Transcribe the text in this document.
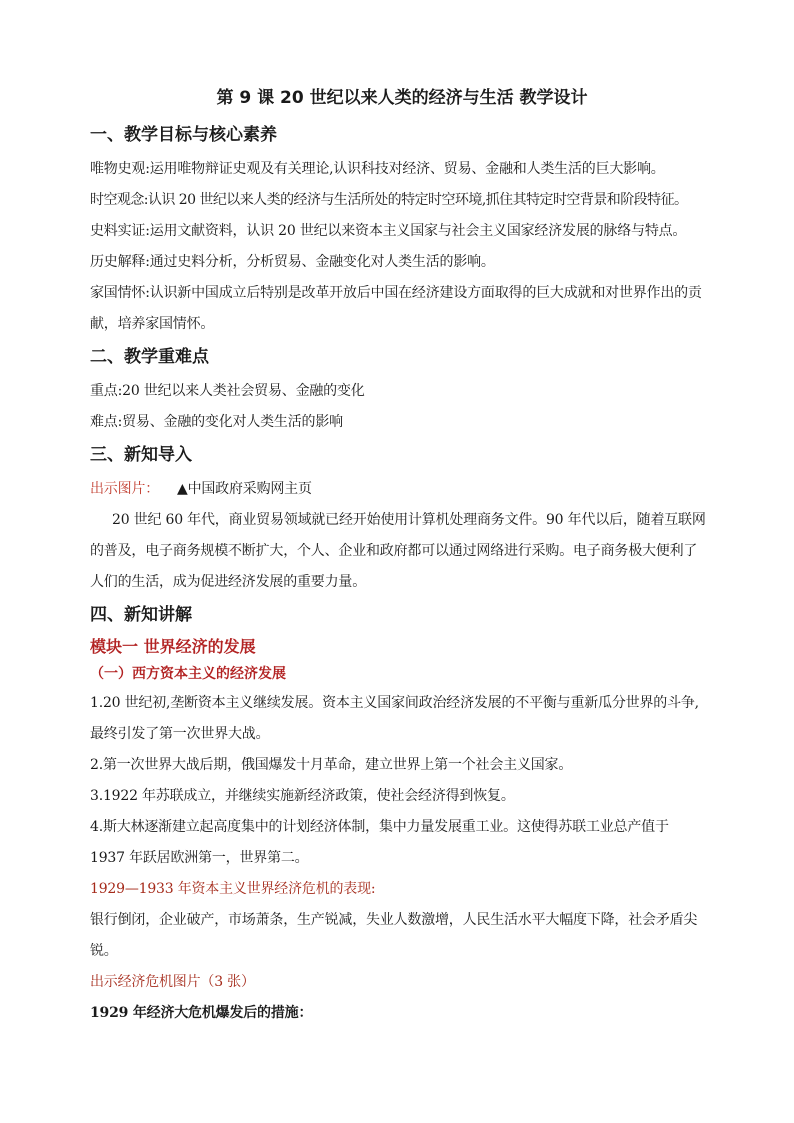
第 9 课 20 世纪以来人类的经济与生活 教学设计
一、教学目标与核心素养

唯物史观:运用唯物辩证史观及有关理论,认识科技对经济、贸易、金融和人类生活的巨大影响。

时空观念:认识 20 世纪以来人类的经济与生活所处的特定时空环境,抓住其特定时空背景和阶段特征。

史料实证:运用文献资料，认识 20 世纪以来资本主义国家与社会主义国家经济发展的脉络与特点。

历史解释:通过史料分析，分析贸易、金融变化对人类生活的影响。

家国情怀:认识新中国成立后特别是改革开放后中国在经济建设方面取得的巨大成就和对世界作出的贡献，培养家国情怀。

二、教学重难点

重点:20 世纪以来人类社会贸易、金融的变化

难点:贸易、金融的变化对人类生活的影响

三、新知导入

出示图片： ▲中国政府采购网主页

20 世纪 60 年代，商业贸易领域就已经开始使用计算机处理商务文件。90 年代以后，随着互联网的普及，电子商务规模不断扩大，个人、企业和政府都可以通过网络进行采购。电子商务极大便利了人们的生活，成为促进经济发展的重要力量。

四、新知讲解
模块一 世界经济的发展
（一）西方资本主义的经济发展

1.20 世纪初,垄断资本主义继续发展。资本主义国家间政治经济发展的不平衡与重新瓜分世界的斗争,最终引发了第一次世界大战。

2.第一次世界大战后期，俄国爆发十月革命，建立世界上第一个社会主义国家。

3.1922 年苏联成立，并继续实施新经济政策，使社会经济得到恢复。

4.斯大林逐渐建立起高度集中的计划经济体制，集中力量发展重工业。这使得苏联工业总产值于 1937 年跃居欧洲第一，世界第二。

1929—1933 年资本主义世界经济危机的表现:

银行倒闭，企业破产，市场萧条，生产锐减，失业人数激增，人民生活水平大幅度下降，社会矛盾尖锐。

出示经济危机图片（3 张）

1929 年经济大危机爆发后的措施：
